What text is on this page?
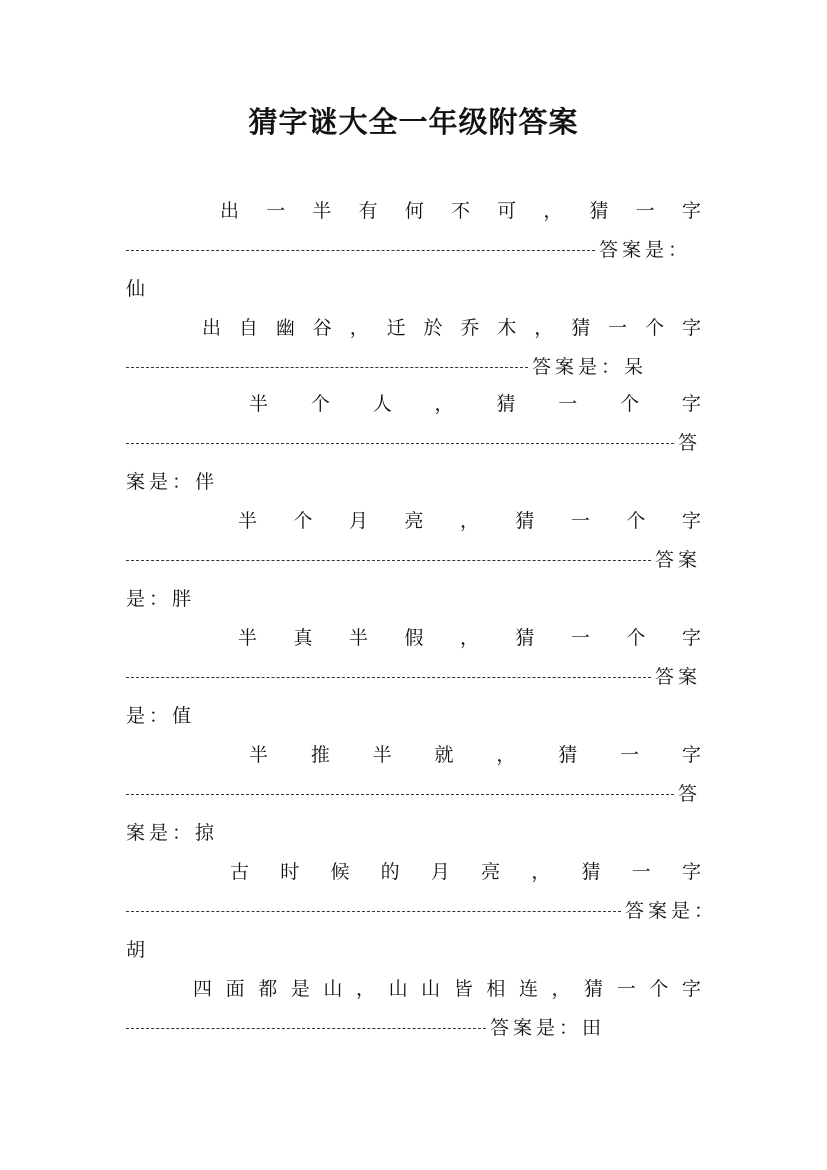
猜字谜大全一年级附答案
出 一 半 有 何 不 可 ， 猜 一 字
答案是：
仙
出 自 幽 谷 ， 迁 於 乔 木 ， 猜 一 个 字
答案是：呆
半 个 人 ， 猜 一 个 字
答
案是：伴
半 个 月 亮 ， 猜 一 个 字
答案
是：胖
半 真 半 假 ， 猜 一 个 字
答案
是：值
半 推 半 就 ， 猜 一 字
答
案是：掠
古 时 候 的 月 亮 ， 猜 一 字
答案是：
胡
四 面 都 是 山 ， 山 山 皆 相 连 ， 猜 一 个 字
答案是：田
